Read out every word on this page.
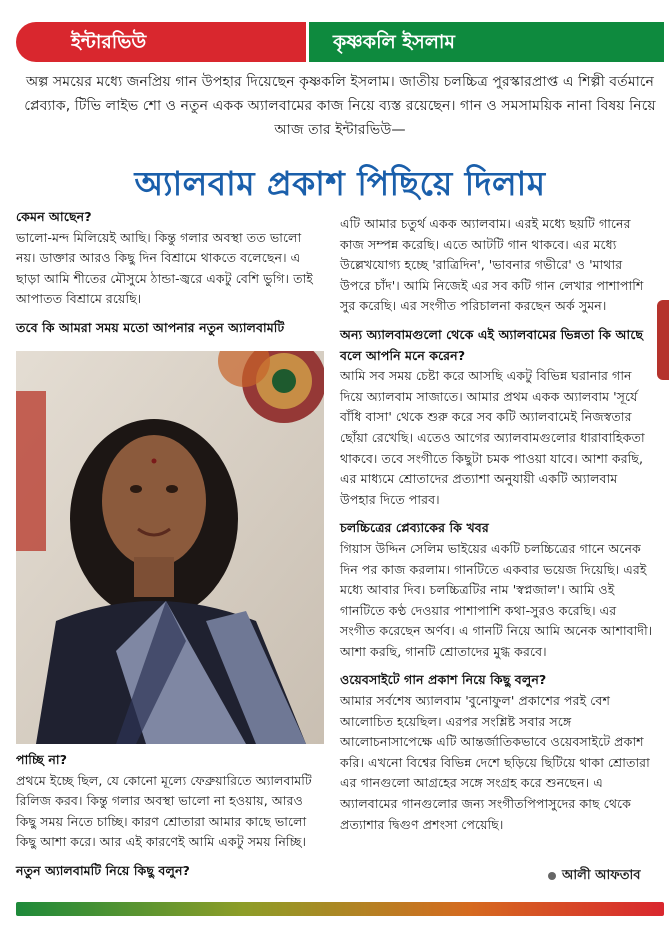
ইন্টারভিউ	কৃষ্ণকলি ইসলাম

অল্প সময়ের মধ্যে জনপ্রিয় গান উপহার দিয়েছেন কৃষ্ণকলি ইসলাম। জাতীয় চলচ্চিত্র পুরস্কারপ্রাপ্ত এ শিল্পী বর্তমানে প্লেব্যাক, টিভি লাইভ শো ও নতুন একক অ্যালবামের কাজ নিয়ে ব্যস্ত রয়েছেন। গান ও সমসাময়িক নানা বিষয় নিয়ে আজ তার ইন্টারভিউ—

অ্যালবাম প্রকাশ পিছিয়ে দিলাম
কেমন আছেন?
ভালো-মন্দ মিলিয়েই আছি। কিন্তু গলার অবস্থা তত ভালো নয়। ডাক্তার আরও কিছু দিন বিশ্রামে থাকতে বলেছেন। এ ছাড়া আমি শীতের মৌসুমে ঠান্ডা-জ্বরে একটু বেশি ভুগি। তাই আপাতত বিশ্রামে রয়েছি।
তবে কি আমরা সময় মতো আপনার নতুন অ্যালবামটি
পাচ্ছি না?
প্রথমে ইচ্ছে ছিল, যে কোনো মূল্যে ফেব্রুয়ারিতে অ্যালবামটি রিলিজ করব। কিন্তু গলার অবস্থা ভালো না হওয়ায়, আরও কিছু সময় নিতে চাচ্ছি। কারণ শ্রোতারা আমার কাছে ভালো কিছু আশা করে। আর এই কারণেই আমি একটু সময় নিচ্ছি।
নতুন অ্যালবামটি নিয়ে কিছু বলুন?
এটি আমার চতুর্থ একক অ্যালবাম। এরই মধ্যে ছয়টি গানের কাজ সম্পন্ন করেছি। এতে আটটি গান থাকবে। এর মধ্যে উল্লেখযোগ্য হচ্ছে 'রাত্রিদিন', 'ভাবনার গভীরে' ও 'মাথার উপরে চাঁদ'। আমি নিজেই এর সব কটি গান লেখার পাশাপাশি সুর করেছি। এর সংগীত পরিচালনা করছেন অর্ক সুমন।
অন্য অ্যালবামগুলো থেকে এই অ্যালবামের ভিন্নতা কি আছে বলে আপনি মনে করেন?
আমি সব সময় চেষ্টা করে আসছি একটু বিভিন্ন ঘরানার গান দিয়ে অ্যালবাম সাজাতে। আমার প্রথম একক অ্যালবাম 'সূর্যে বাঁধি বাসা' থেকে শুরু করে সব কটি অ্যালবামেই নিজস্বতার ছোঁয়া রেখেছি। এতেও আগের অ্যালবামগুলোর ধারাবাহিকতা থাকবে। তবে সংগীতে কিছুটা চমক পাওয়া যাবে। আশা করছি, এর মাধ্যমে শ্রোতাদের প্রত্যাশা অনুযায়ী একটি অ্যালবাম উপহার দিতে পারব।
চলচ্চিত্রের প্লেব্যাকের কি খবর
গিয়াস উদ্দিন সেলিম ভাইয়ের একটি চলচ্চিত্রের গানে অনেক দিন পর কাজ করলাম। গানটিতে একবার ভয়েজ দিয়েছি। এরই মধ্যে আবার দিব। চলচ্চিত্রটির নাম 'স্বপ্নজাল'। আমি ওই গানটিতে কণ্ঠ দেওয়ার পাশাপাশি কথা-সুরও করেছি। এর সংগীত করেছেন অর্ণব। এ গানটি নিয়ে আমি অনেক আশাবাদী। আশা করছি, গানটি শ্রোতাদের মুগ্ধ করবে।
ওয়েবসাইটে গান প্রকাশ নিয়ে কিছু বলুন?
আমার সর্বশেষ অ্যালবাম 'বুনোফুল' প্রকাশের পরই বেশ আলোচিত হয়েছিল। এরপর সংশ্লিষ্ট সবার সঙ্গে আলোচনাসাপেক্ষে এটি আন্তর্জাতিকভাবে ওয়েবসাইটে প্রকাশ করি। এখনো বিশ্বের বিভিন্ন দেশে ছড়িয়ে ছিটিয়ে থাকা শ্রোতারা এর গানগুলো আগ্রহের সঙ্গে সংগ্রহ করে শুনছেন। এ অ্যালবামের গানগুলোর জন্য সংগীতপিপাসুদের কাছ থেকে প্রত্যাশার দ্বিগুণ প্রশংসা পেয়েছি।
আলী আফতাব
